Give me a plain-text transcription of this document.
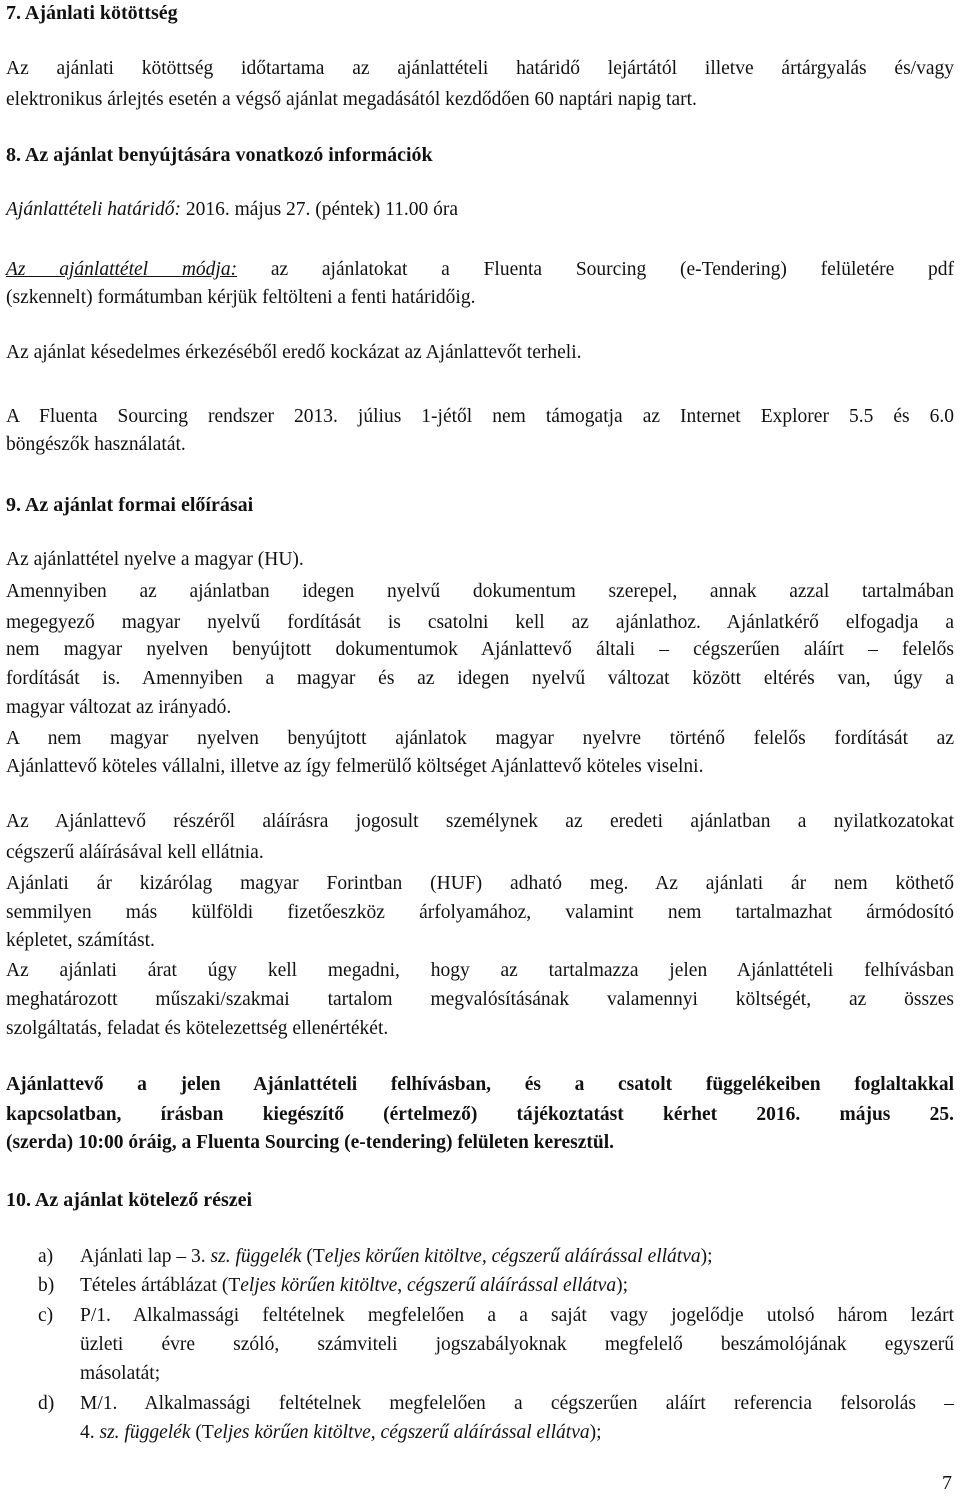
7. Ajánlati kötöttség
Az ajánlati kötöttség időtartama az ajánlattételi határidő lejártától illetve ártárgyalás és/vagy
elektronikus árlejtés esetén a végső ajánlat megadásától kezdődően 60 naptári napig tart.
8. Az ajánlat benyújtására vonatkozó információk
Ajánlattételi határidő: 2016. május 27. (péntek) 11.00 óra
Az ajánlattétel módja: az ajánlatokat a Fluenta Sourcing (e-Tendering) felületére pdf
(szkennelt) formátumban kérjük feltölteni a fenti határidőig.
Az ajánlat késedelmes érkezéséből eredő kockázat az Ajánlattevőt terheli.
A Fluenta Sourcing rendszer 2013. július 1-jétől nem támogatja az Internet Explorer 5.5 és 6.0
böngészők használatát.
9. Az ajánlat formai előírásai
Az ajánlattétel nyelve a magyar (HU).
Amennyiben az ajánlatban idegen nyelvű dokumentum szerepel, annak azzal tartalmában
megegyező magyar nyelvű fordítását is csatolni kell az ajánlathoz. Ajánlatkérő elfogadja a
nem magyar nyelven benyújtott dokumentumok Ajánlattevő általi – cégszerűen aláírt – felelős
fordítását is. Amennyiben a magyar és az idegen nyelvű változat között eltérés van, úgy a
magyar változat az irányadó.
A nem magyar nyelven benyújtott ajánlatok magyar nyelvre történő felelős fordítását az
Ajánlattevő köteles vállalni, illetve az így felmerülő költséget Ajánlattevő köteles viselni.
Az Ajánlattevő részéről aláírásra jogosult személynek az eredeti ajánlatban a nyilatkozatokat
cégszerű aláírásával kell ellátnia.
Ajánlati ár kizárólag magyar Forintban (HUF) adható meg. Az ajánlati ár nem köthető
semmilyen más külföldi fizetőeszköz árfolyamához, valamint nem tartalmazhat ármódosító
képletet, számítást.
Az ajánlati árat úgy kell megadni, hogy az tartalmazza jelen Ajánlattételi felhívásban
meghatározott műszaki/szakmai tartalom megvalósításának valamennyi költségét, az összes
szolgáltatás, feladat és kötelezettség ellenértékét.
Ajánlattevő a jelen Ajánlattételi felhívásban, és a csatolt függelékeiben foglaltakkal
kapcsolatban, írásban kiegészítő (értelmező) tájékoztatást kérhet 2016. május 25.
(szerda) 10:00 óráig, a Fluenta Sourcing (e-tendering) felületen keresztül.
10. Az ajánlat kötelező részei
a) Ajánlati lap – 3. sz. függelék (Teljes körűen kitöltve, cégszerű aláírással ellátva);
b) Tételes ártáblázat (Teljes körűen kitöltve, cégszerű aláírással ellátva);
c) P/1. Alkalmassági feltételnek megfelelően a a saját vagy jogelődje utolsó három lezárt
üzleti évre szóló, számviteli jogszabályoknak megfelelő beszámolójának egyszerű
másolatát;
d) M/1. Alkalmassági feltételnek megfelelően a cégszerűen aláírt referencia felsorolás –
4. sz. függelék (Teljes körűen kitöltve, cégszerű aláírással ellátva);
7
